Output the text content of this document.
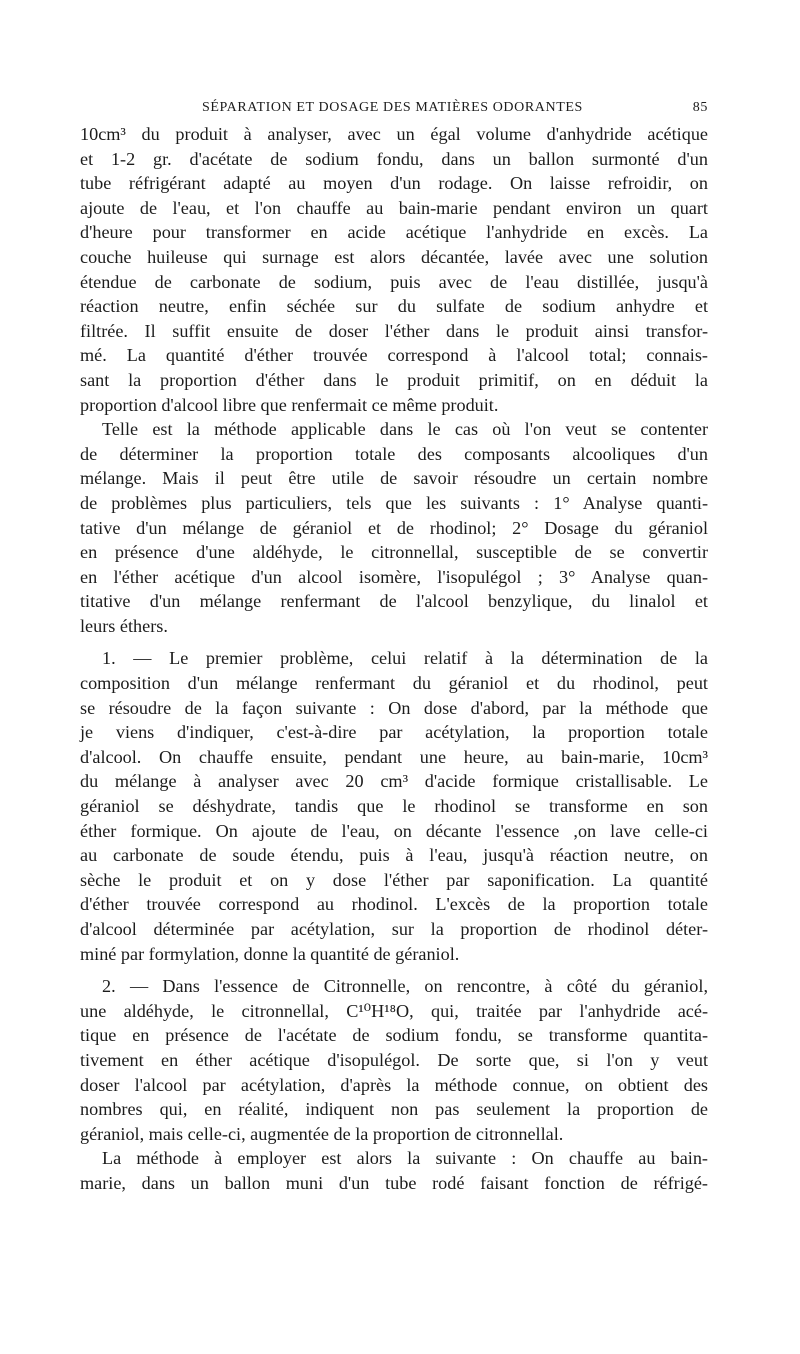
SÉPARATION ET DOSAGE DES MATIÈRES ODORANTES	85
10cm³ du produit à analyser, avec un égal volume d'anhydride acétique
et 1-2 gr. d'acétate de sodium fondu, dans un ballon surmonté d'un
tube réfrigérant adapté au moyen d'un rodage. On laisse refroidir, on
ajoute de l'eau, et l'on chauffe au bain-marie pendant environ un quart
d'heure pour transformer en acide acétique l'anhydride en excès. La
couche huileuse qui surnage est alors décantée, lavée avec une solution
étendue de carbonate de sodium, puis avec de l'eau distillée, jusqu'à
réaction neutre, enfin séchée sur du sulfate de sodium anhydre et
filtrée. Il suffit ensuite de doser l'éther dans le produit ainsi transfor-
mé. La quantité d'éther trouvée correspond à l'alcool total; connais-
sant la proportion d'éther dans le produit primitif, on en déduit la
proportion d'alcool libre que renfermait ce même produit.
Telle est la méthode applicable dans le cas où l'on veut se contenter
de déterminer la proportion totale des composants alcooliques d'un
mélange. Mais il peut être utile de savoir résoudre un certain nombre
de problèmes plus particuliers, tels que les suivants : 1° Analyse quanti-
tative d'un mélange de géraniol et de rhodinol; 2° Dosage du géraniol
en présence d'une aldéhyde, le citronnellal, susceptible de se convertir
en l'éther acétique d'un alcool isomère, l'isopulégol ; 3° Analyse quan-
titative d'un mélange renfermant de l'alcool benzylique, du linalol et
leurs éthers.
1. — Le premier problème, celui relatif à la détermination de la
composition d'un mélange renfermant du géraniol et du rhodinol, peut
se résoudre de la façon suivante : On dose d'abord, par la méthode que
je viens d'indiquer, c'est-à-dire par acétylation, la proportion totale
d'alcool. On chauffe ensuite, pendant une heure, au bain-marie, 10cm³
du mélange à analyser avec 20 cm³ d'acide formique cristallisable. Le
géraniol se déshydrate, tandis que le rhodinol se transforme en son
éther formique. On ajoute de l'eau, on décante l'essence ,on lave celle-ci
au carbonate de soude étendu, puis à l'eau, jusqu'à réaction neutre, on
sèche le produit et on y dose l'éther par saponification. La quantité
d'éther trouvée correspond au rhodinol. L'excès de la proportion totale
d'alcool déterminée par acétylation, sur la proportion de rhodinol déter-
miné par formylation, donne la quantité de géraniol.
2. — Dans l'essence de Citronnelle, on rencontre, à côté du géraniol,
une aldéhyde, le citronnellal, C¹⁰H¹⁸O, qui, traitée par l'anhydride acé-
tique en présence de l'acétate de sodium fondu, se transforme quantita-
tivement en éther acétique d'isopulégol. De sorte que, si l'on y veut
doser l'alcool par acétylation, d'après la méthode connue, on obtient des
nombres qui, en réalité, indiquent non pas seulement la proportion de
géraniol, mais celle-ci, augmentée de la proportion de citronnellal.
La méthode à employer est alors la suivante : On chauffe au bain-
marie, dans un ballon muni d'un tube rodé faisant fonction de réfrigé-
